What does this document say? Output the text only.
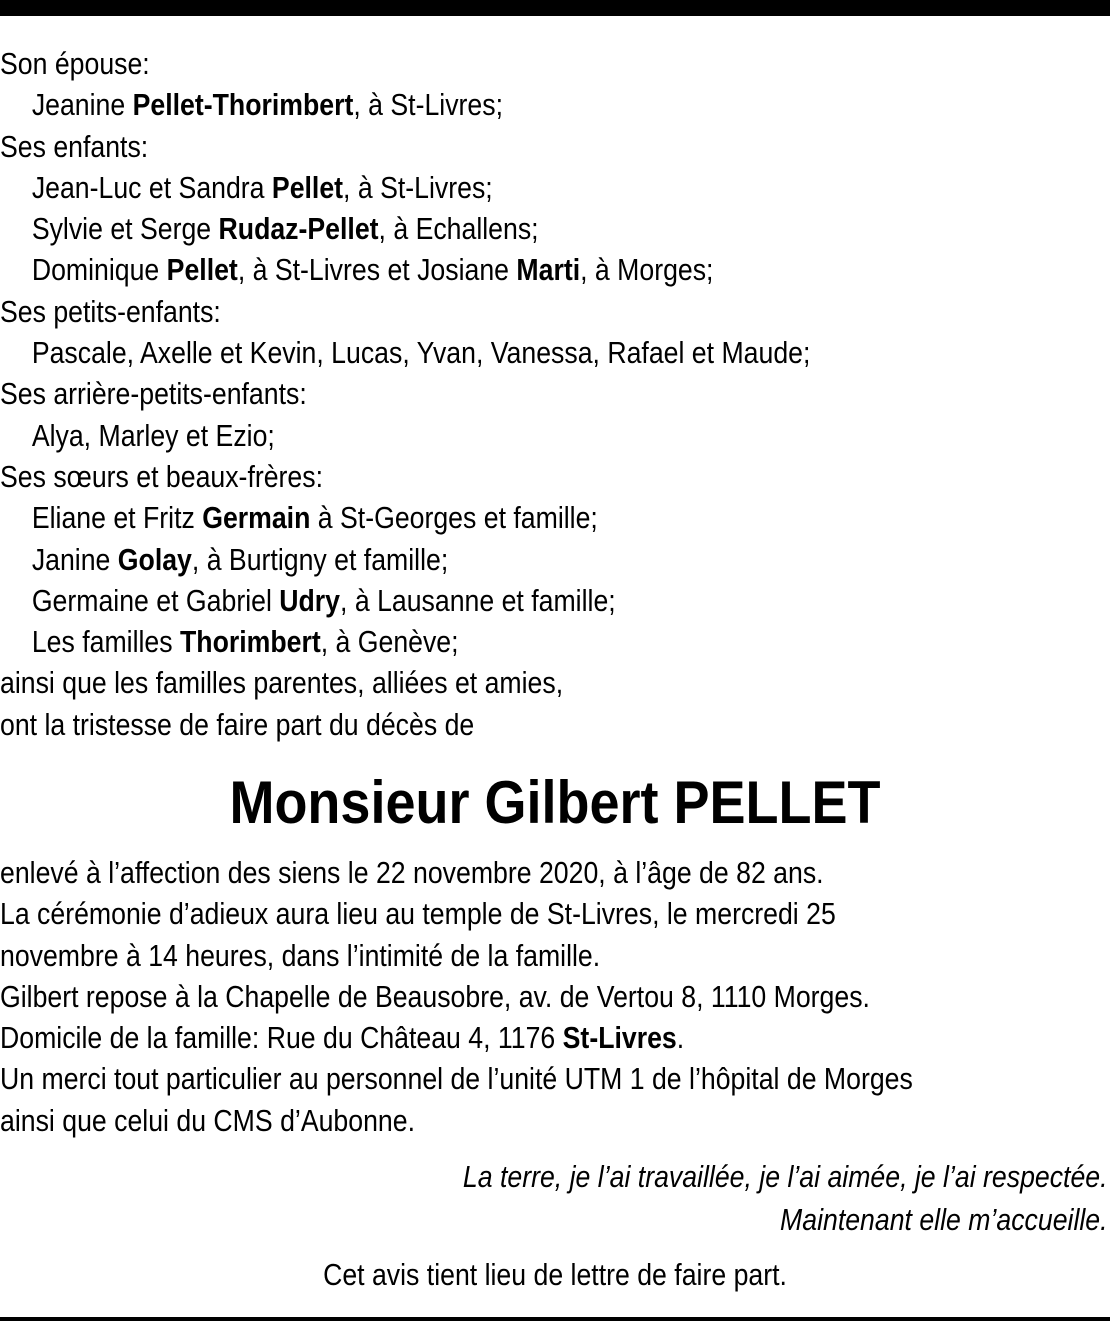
Son épouse:
Jeanine Pellet-Thorimbert, à St-Livres;
Ses enfants:
Jean-Luc et Sandra Pellet, à St-Livres;
Sylvie et Serge Rudaz-Pellet, à Echallens;
Dominique Pellet, à St-Livres et Josiane Marti, à Morges;
Ses petits-enfants:
Pascale, Axelle et Kevin, Lucas, Yvan, Vanessa, Rafael et Maude;
Ses arrière-petits-enfants:
Alya, Marley et Ezio;
Ses sœurs et beaux-frères:
Eliane et Fritz Germain à St-Georges et famille;
Janine Golay, à Burtigny et famille;
Germaine et Gabriel Udry, à Lausanne et famille;
Les familles Thorimbert, à Genève;
ainsi que les familles parentes, alliées et amies,
ont la tristesse de faire part du décès de
Monsieur Gilbert PELLET
enlevé à l’affection des siens le 22 novembre 2020, à l’âge de 82 ans.
La cérémonie d’adieux aura lieu au temple de St-Livres, le mercredi 25
novembre à 14 heures, dans l’intimité de la famille.
Gilbert repose à la Chapelle de Beausobre, av. de Vertou 8, 1110 Morges.
Domicile de la famille: Rue du Château 4, 1176 St-Livres.
Un merci tout particulier au personnel de l’unité UTM 1 de l’hôpital de Morges
ainsi que celui du CMS d’Aubonne.
La terre, je l’ai travaillée, je l’ai aimée, je l’ai respectée.
Maintenant elle m’accueille.
Cet avis tient lieu de lettre de faire part.
